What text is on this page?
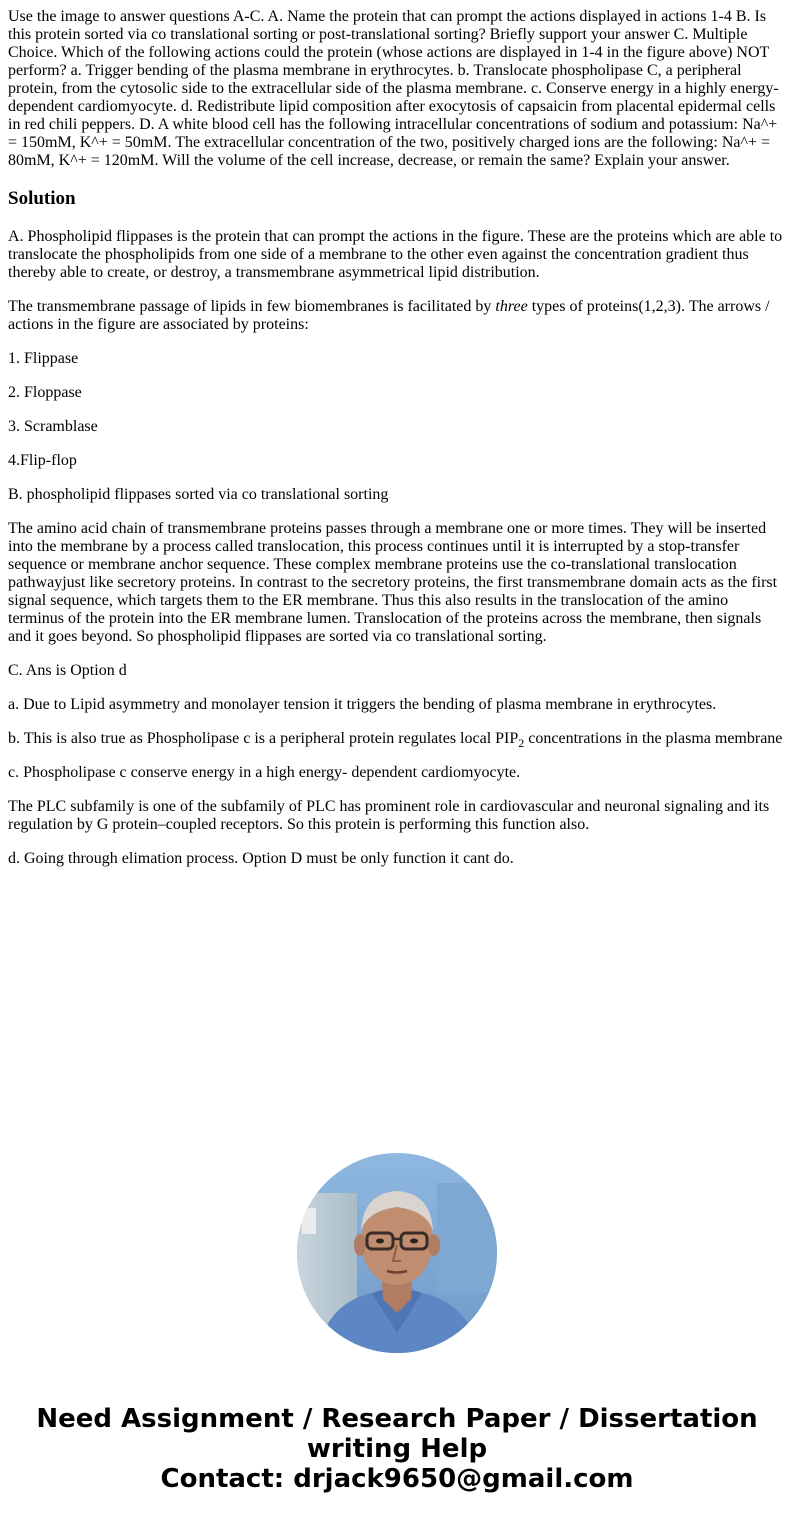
Use the image to answer questions A-C. A. Name the protein that can prompt the actions displayed in actions 1-4 B. Is this protein sorted via co translational sorting or post-translational sorting? Briefly support your answer C. Multiple Choice. Which of the following actions could the protein (whose actions are displayed in 1-4 in the figure above) NOT perform? a. Trigger bending of the plasma membrane in erythrocytes. b. Translocate phospholipase C, a peripheral protein, from the cytosolic side to the extracellular side of the plasma membrane. c. Conserve energy in a highly energy-dependent cardiomyocyte. d. Redistribute lipid composition after exocytosis of capsaicin from placental epidermal cells in red chili peppers. D. A white blood cell has the following intracellular concentrations of sodium and potassium: Na^+ = 150mM, K^+ = 50mM. The extracellular concentration of the two, positively charged ions are the following: Na^+ = 80mM, K^+ = 120mM. Will the volume of the cell increase, decrease, or remain the same? Explain your answer.

Solution

A. Phospholipid flippases is the protein that can prompt the actions in the figure. These are the proteins which are able to translocate the phospholipids from one side of a membrane to the other even against the concentration gradient thus thereby able to create, or destroy, a transmembrane asymmetrical lipid distribution.

The transmembrane passage of lipids in few biomembranes is facilitated by three types of proteins(1,2,3). The arrows / actions in the figure are associated by proteins:

1. Flippase

2. Floppase

3. Scramblase

4.Flip-flop

B. phospholipid flippases sorted via co translational sorting

The amino acid chain of transmembrane proteins passes through a membrane one or more times. They will be inserted into the membrane by a process called translocation, this process continues until it is interrupted by a stop-transfer sequence or membrane anchor sequence. These complex membrane proteins use the co-translational translocation pathwayjust like secretory proteins. In contrast to the secretory proteins, the first transmembrane domain acts as the first signal sequence, which targets them to the ER membrane. Thus this also results in the translocation of the amino terminus of the protein into the ER membrane lumen. Translocation of the proteins across the membrane, then signals and it goes beyond. So phospholipid flippases are sorted via co translational sorting.

C. Ans is Option d

a. Due to Lipid asymmetry and monolayer tension it triggers the bending of plasma membrane in erythrocytes.

b. This is also true as Phospholipase c is a peripheral protein regulates local $PIP_2$ concentrations in the plasma membrane

c. Phospholipase c conserve energy in a high energy- dependent cardiomyocyte.

The PLC subfamily is one of the subfamily of PLC has prominent role in cardiovascular and neuronal signaling and its regulation by G protein–coupled receptors. So this protein is performing this function also.

d. Going through elimation process. Option D must be only function it cant do.

Need Assignment / Research Paper / Dissertation
writing Help
Contact: drjack9650@gmail.com
